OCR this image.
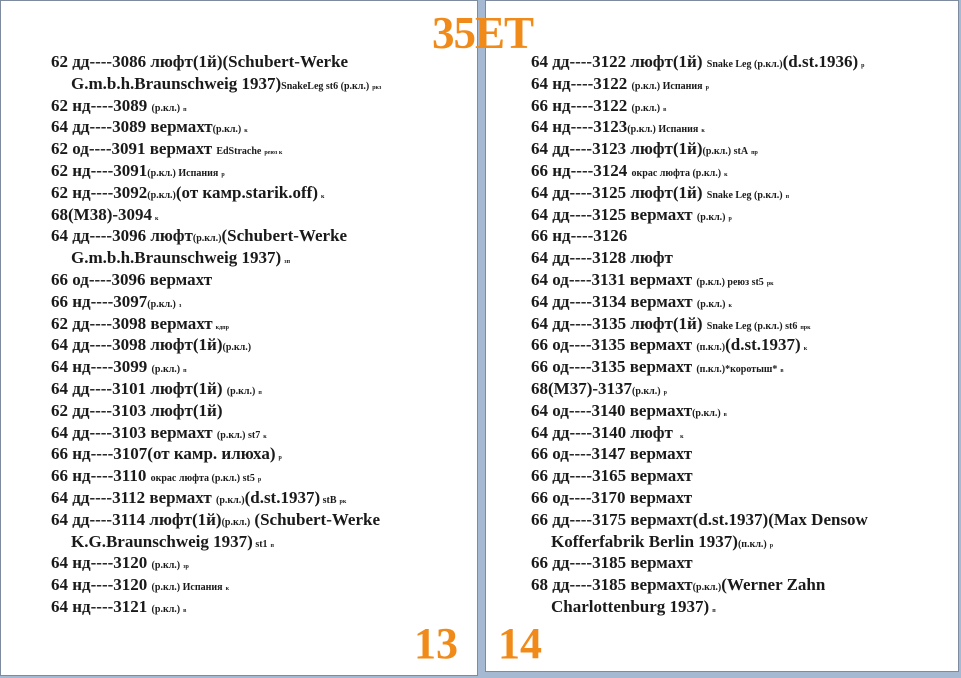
62 дд----3086 люфт(1й)(Schubert-Werke
G.m.b.h.Braunschweig 1937)SnakeLeg st6 (р.кл.) ркз
62 нд----3089 (р.кл.) п
64 дд----3089 вермахт(р.кл.) к
62 од----3091 вермахт EdStrache реюз к
62 нд----3091(р.кл.) Испания р
62 нд----3092(р.кл.)(от камр.starik.off) к
68(М38)-3094 к
64 дд----3096 люфт(р.кл.)(Schubert-Werke
G.m.b.h.Braunschweig 1937) зп
66 од----3096 вермахт
66 нд----3097(р.кл.) з
62 дд----3098 вермахт кдпр
64 дд----3098 люфт(1й)(р.кл.)
64 нд----3099 (р.кл.) п
64 дд----3101 люфт(1й) (р.кл.) п
62 дд----3103 люфт(1й)
64 дд----3103 вермахт (р.кл.) st7 к
66 нд----3107(от камр. илюха) р
66 нд----3110 окрас люфта (р.кл.) st5 р
64 дд----3112 вермахт (р.кл.)(d.st.1937) stB рк
64 дд----3114 люфт(1й)(р.кл.) (Schubert-Werke
K.G.Braunschweig 1937) st1 п
64 нд----3120 (р.кл.) зр
64 нд----3120 (р.кл.) Испания к
64 нд----3121 (р.кл.) в
64 дд----3122 люфт(1й) Snake Leg (р.кл.)(d.st.1936) р
64 нд----3122 (р.кл.) Испания р
66 нд----3122 (р.кл.) в
64 нд----3123(р.кл.) Испания к
64 дд----3123 люфт(1й)(р.кл.) stA пр
66 нд----3124 окрас люфта (р.кл.) к
64 дд----3125 люфт(1й) Snake Leg (р.кл.) п
64 дд----3125 вермахт (р.кл.) р
66 нд----3126
64 дд----3128 люфт
64 од----3131 вермахт (р.кл.) реюз st5 рк
64 дд----3134 вермахт (р.кл.) к
64 дд----3135 люфт(1й) Snake Leg (р.кл.) st6 прк
66 од----3135 вермахт (п.кл.)(d.st.1937) к
66 од----3135 вермахт (п.кл.)*коротыш* в
68(М37)-3137(р.кл.) р
64 од----3140 вермахт(р.кл.) в
64 дд----3140 люфт к
66 од----3147 вермахт
66 дд----3165 вермахт
66 од----3170 вермахт
66 дд----3175 вермахт(d.st.1937)(Max Densow
Kofferfabrik Berlin 1937)(п.кл.) р
66 дд----3185 вермахт
68 дд----3185 вермахт(р.кл.)(Werner Zahn
Charlottenburg 1937) п
35ЕТ
13 14
